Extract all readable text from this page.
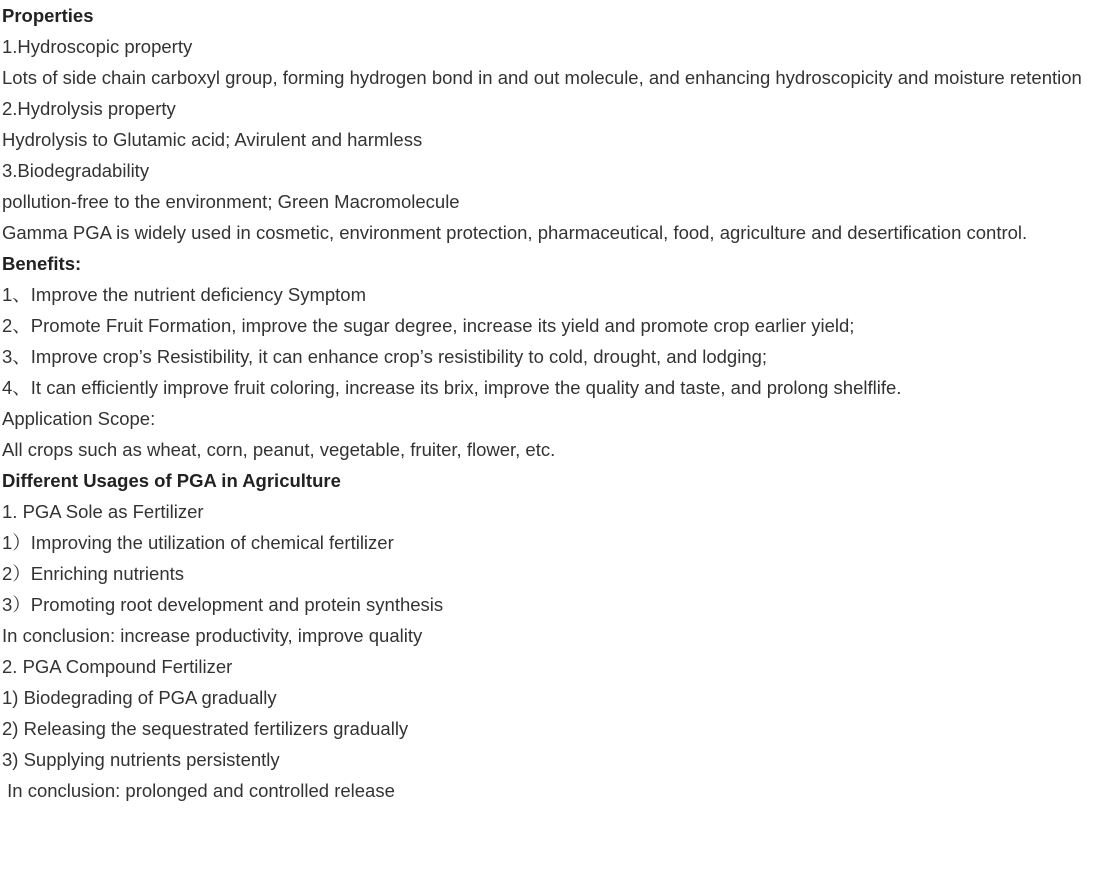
Properties

1.Hydroscopic property

Lots of side chain carboxyl group, forming hydrogen bond in and out molecule, and enhancing hydroscopicity and moisture retention

2.Hydrolysis property

Hydrolysis to Glutamic acid; Avirulent and harmless

3.Biodegradability

pollution-free to the environment; Green Macromolecule

Gamma PGA is widely used in cosmetic, environment protection, pharmaceutical, food, agriculture and desertification control.

Benefits:

1、Improve the nutrient deficiency Symptom

2、Promote Fruit Formation, improve the sugar degree, increase its yield and promote crop earlier yield;

3、Improve crop’s Resistibility, it can enhance crop’s resistibility to cold, drought, and lodging;

4、It can efficiently improve fruit coloring, increase its brix, improve the quality and taste, and prolong shelflife.

Application Scope:

All crops such as wheat, corn, peanut, vegetable, fruiter, flower, etc.

Different Usages of PGA in Agriculture

1. PGA Sole as Fertilizer

1）Improving the utilization of chemical fertilizer

2）Enriching nutrients

3）Promoting root development and protein synthesis

In conclusion: increase productivity, improve quality

2. PGA Compound Fertilizer

1) Biodegrading of PGA gradually

2) Releasing the sequestrated fertilizers gradually

3) Supplying nutrients persistently

In conclusion: prolonged and controlled release
